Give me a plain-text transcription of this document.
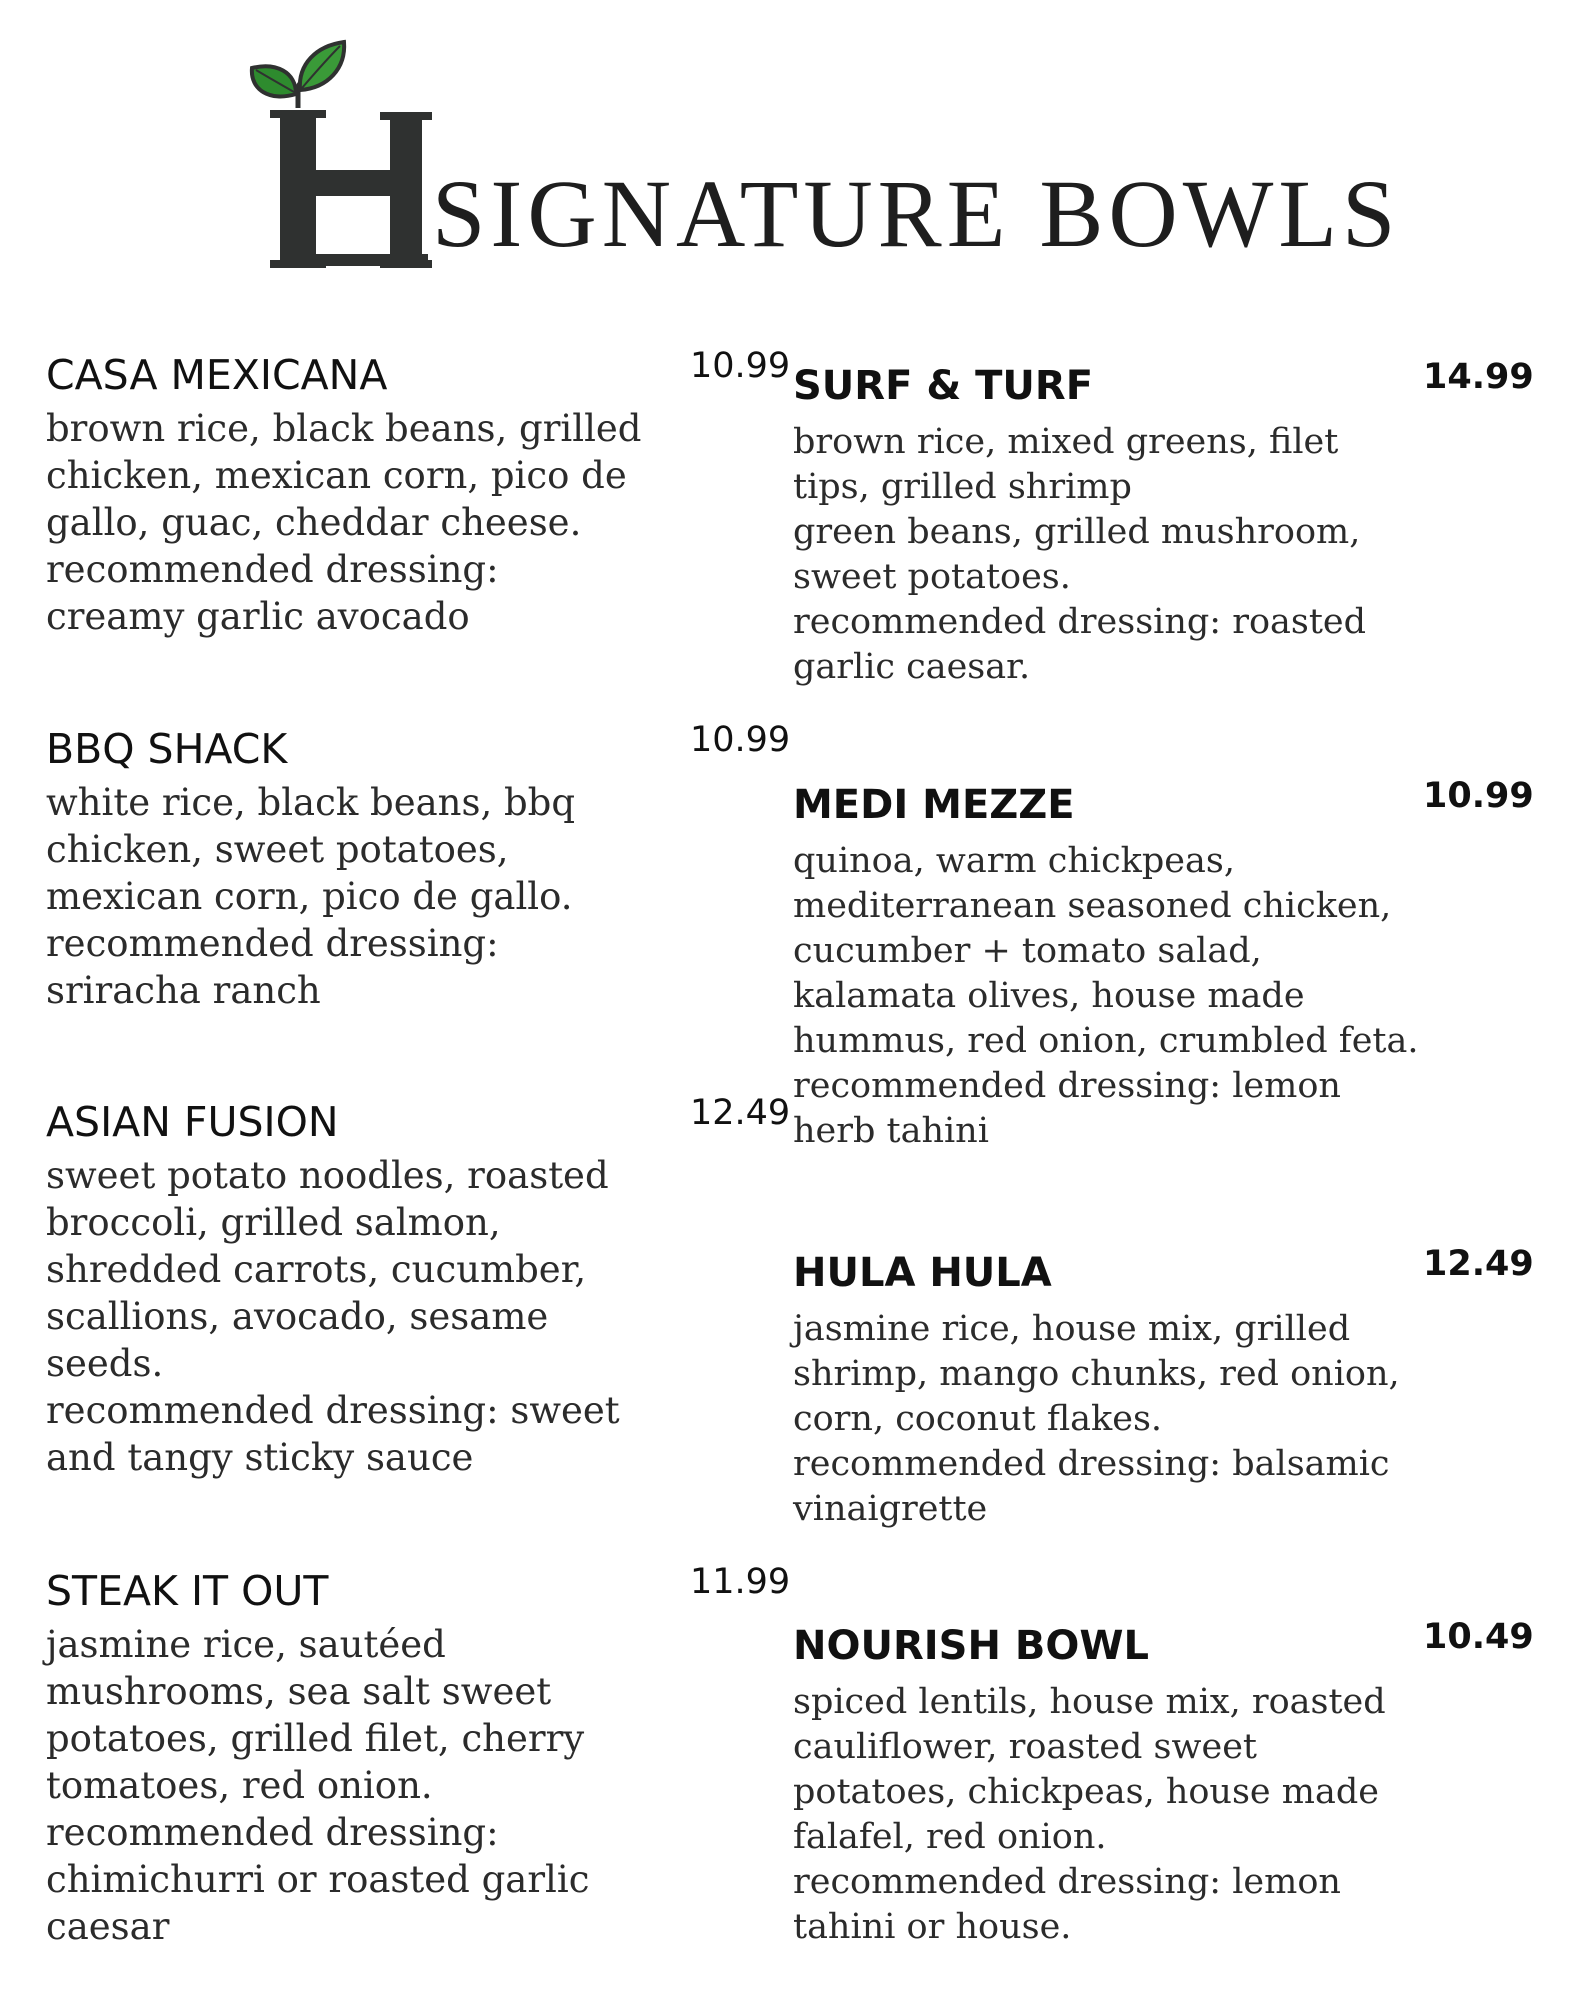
SIGNATURE BOWLS
CASA MEXICANA	10.99

brown rice, black beans, grilled
chicken, mexican corn, pico de
gallo, guac, cheddar cheese.
recommended dressing:
creamy garlic avocado

BBQ SHACK	10.99

white rice, black beans, bbq
chicken, sweet potatoes,
mexican corn, pico de gallo.
recommended dressing:
sriracha ranch

ASIAN FUSION	12.49

sweet potato noodles, roasted
broccoli, grilled salmon,
shredded carrots, cucumber,
scallions, avocado, sesame
seeds.
recommended dressing: sweet
and tangy sticky sauce

STEAK IT OUT	11.99

jasmine rice, sautéed
mushrooms, sea salt sweet
potatoes, grilled filet, cherry
tomatoes, red onion.
recommended dressing:
chimichurri or roasted garlic
caesar

SURF & TURF	14.99

brown rice, mixed greens, filet
tips, grilled shrimp
green beans, grilled mushroom,
sweet potatoes.
recommended dressing: roasted
garlic caesar.

MEDI MEZZE	10.99

quinoa, warm chickpeas,
mediterranean seasoned chicken,
cucumber + tomato salad,
kalamata olives, house made
hummus, red onion, crumbled feta.
recommended dressing: lemon
herb tahini

HULA HULA	12.49

jasmine rice, house mix, grilled
shrimp, mango chunks, red onion,
corn, coconut flakes.
recommended dressing: balsamic
vinaigrette

NOURISH BOWL	10.49

spiced lentils, house mix, roasted
cauliflower, roasted sweet
potatoes, chickpeas, house made
falafel, red onion.
recommended dressing: lemon
tahini or house.
